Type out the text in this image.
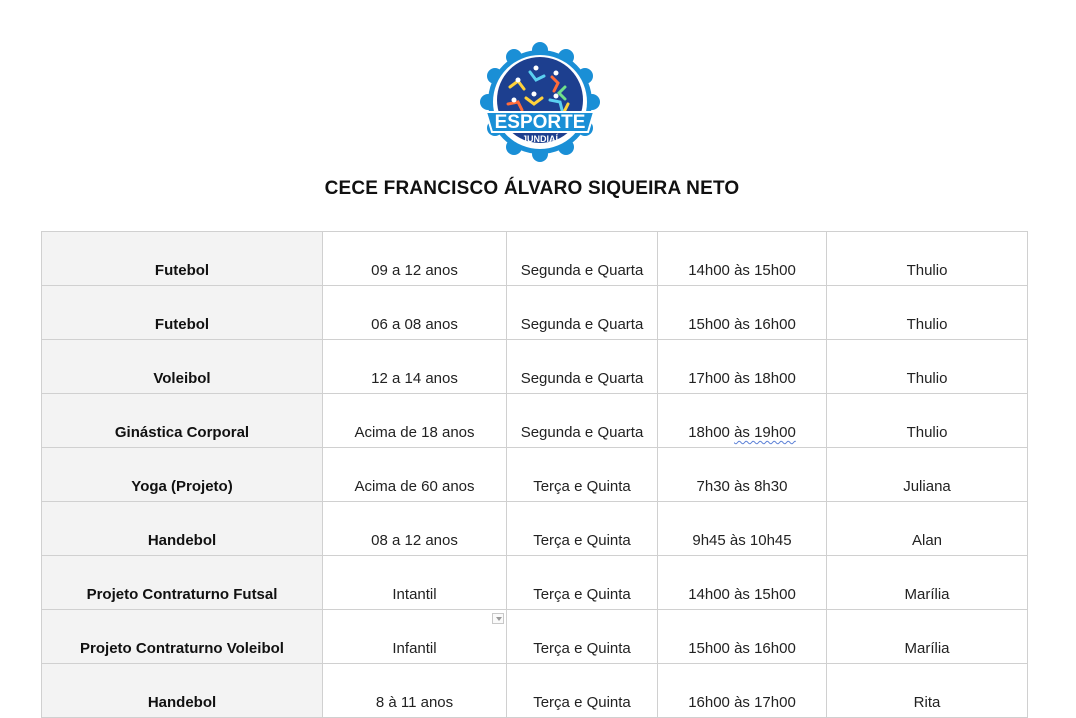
ESPORTE
JUNDIAÍ
CECE FRANCISCO ÁLVARO SIQUEIRA NETO
Futebol	09 a 12 anos	Segunda e Quarta	14h00 às 15h00	Thulio
Futebol	06 a 08 anos	Segunda e Quarta	15h00 às 16h00	Thulio
Voleibol	12 a 14 anos	Segunda e Quarta	17h00 às 18h00	Thulio
Ginástica Corporal	Acima de 18 anos	Segunda e Quarta	18h00 às 19h00	Thulio
Yoga (Projeto)	Acima de 60 anos	Terça e Quinta	7h30 às 8h30	Juliana
Handebol	08 a 12 anos	Terça e Quinta	9h45 às 10h45	Alan
Projeto Contraturno Futsal	Intantil	Terça e Quinta	14h00 às 15h00	Marília
Projeto Contraturno Voleibol	Infantil	Terça e Quinta	15h00 às 16h00	Marília
Handebol	8 à 11 anos	Terça e Quinta	16h00 às 17h00	Rita
